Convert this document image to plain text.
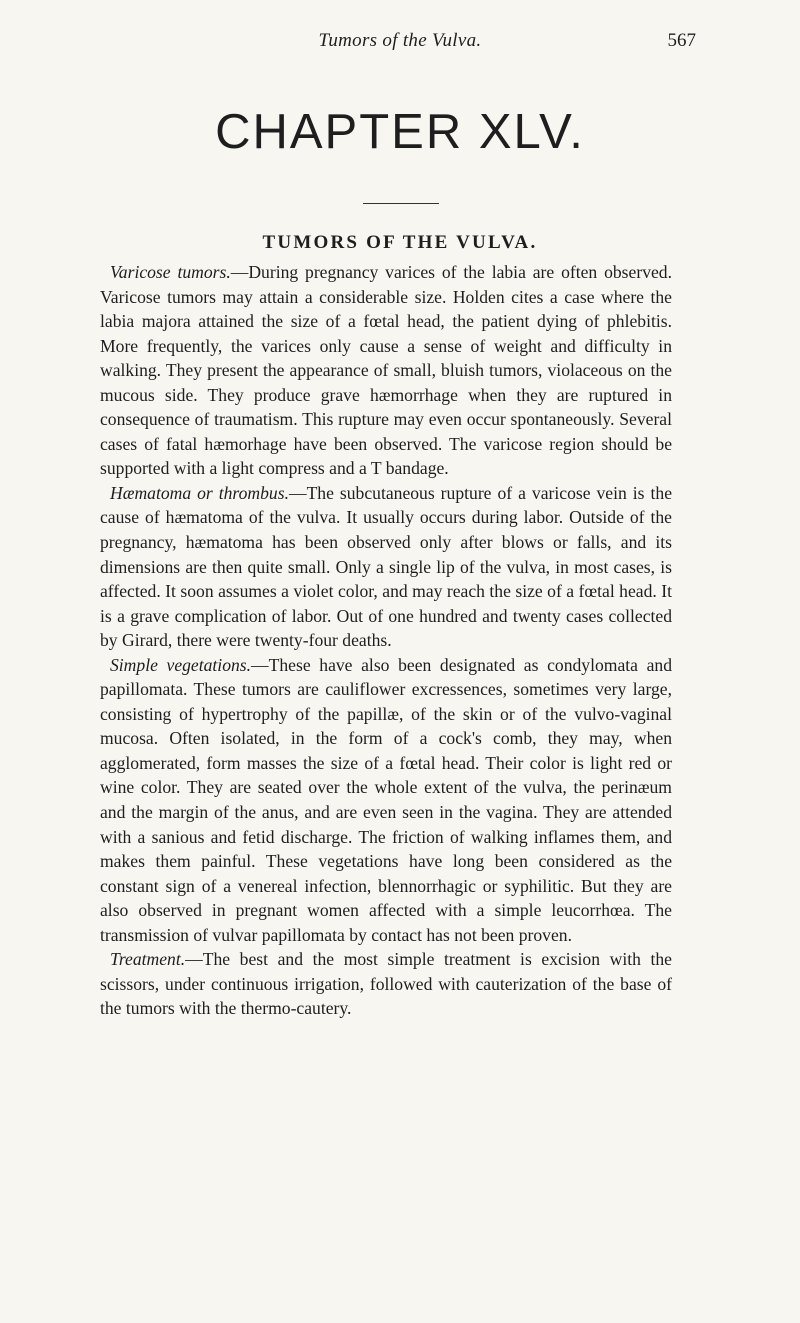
Tumors of the Vulva.	567
CHAPTER XLV.
TUMORS OF THE VULVA.

Varicose tumors.—During pregnancy varices of the labia are often observed. Varicose tumors may attain a considerable size. Holden cites a case where the labia majora attained the size of a fœtal head, the patient dying of phlebitis. More frequently, the varices only cause a sense of weight and difficulty in walking. They present the appearance of small, bluish tumors, violaceous on the mucous side. They produce grave hæmorrhage when they are ruptured in consequence of traumatism. This rupture may even occur spontaneously. Several cases of fatal hæmorhage have been observed. The varicose region should be supported with a light compress and a T bandage.

Hæmatoma or thrombus.—The subcutaneous rupture of a varicose vein is the cause of hæmatoma of the vulva. It usually occurs during labor. Outside of the pregnancy, hæmatoma has been observed only after blows or falls, and its dimensions are then quite small. Only a single lip of the vulva, in most cases, is affected. It soon assumes a violet color, and may reach the size of a fœtal head. It is a grave complication of labor. Out of one hundred and twenty cases collected by Girard, there were twenty-four deaths.

Simple vegetations.—These have also been designated as condylomata and papillomata. These tumors are cauliflower excressences, sometimes very large, consisting of hypertrophy of the papillæ, of the skin or of the vulvo-vaginal mucosa. Often isolated, in the form of a cock's comb, they may, when agglomerated, form masses the size of a fœtal head. Their color is light red or wine color. They are seated over the whole extent of the vulva, the perinæum and the margin of the anus, and are even seen in the vagina. They are attended with a sanious and fetid discharge. The friction of walking inflames them, and makes them painful. These vegetations have long been considered as the constant sign of a venereal infection, blennorrhagic or syphilitic. But they are also observed in pregnant women affected with a simple leucorrhœa. The transmission of vulvar papillomata by contact has not been proven.

Treatment.—The best and the most simple treatment is excision with the scissors, under continuous irrigation, followed with cauterization of the base of the tumors with the thermo-cautery.
